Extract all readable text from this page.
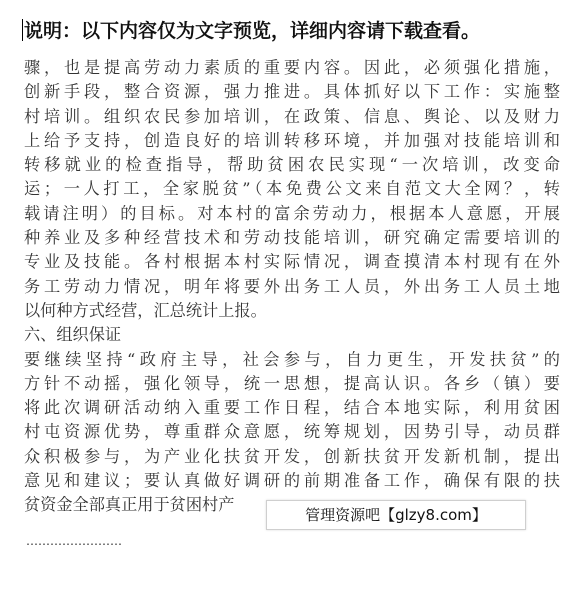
说明：以下内容仅为文字预览，详细内容请下载查看。
骤，也是提高劳动力素质的重要内容。因此，必须强化措施，
创新手段，整合资源，强力推进。具体抓好以下工作：实施整
村培训。组织农民参加培训，在政策、信息、舆论、以及财力
上给予支持，创造良好的培训转移环境，并加强对技能培训和
转移就业的检查指导，帮助贫困农民实现“一次培训，改变命
运；一人打工，全家脱贫”（本免费公文来自范文大全网？，转
载请注明）的目标。对本村的富余劳动力，根据本人意愿，开展
种养业及多种经营技术和劳动技能培训，研究确定需要培训的
专业及技能。各村根据本村实际情况，调查摸清本村现有在外
务工劳动力情况，明年将要外出务工人员，外出务工人员土地
以何种方式经营，汇总统计上报。
六、组织保证
要继续坚持“政府主导，社会参与，自力更生，开发扶贫”的
方针不动摇，强化领导，统一思想，提高认识。各乡（镇）要
将此次调研活动纳入重要工作日程，结合本地实际，利用贫困
村屯资源优势，尊重群众意愿，统筹规划，因势引导，动员群
众积极参与，为产业化扶贫开发，创新扶贫开发新机制，提出
意见和建议；要认真做好调研的前期准备工作，确保有限的扶
贫资金全部真正用于贫困村产
管理资源吧【glzy8.com】
……………………
